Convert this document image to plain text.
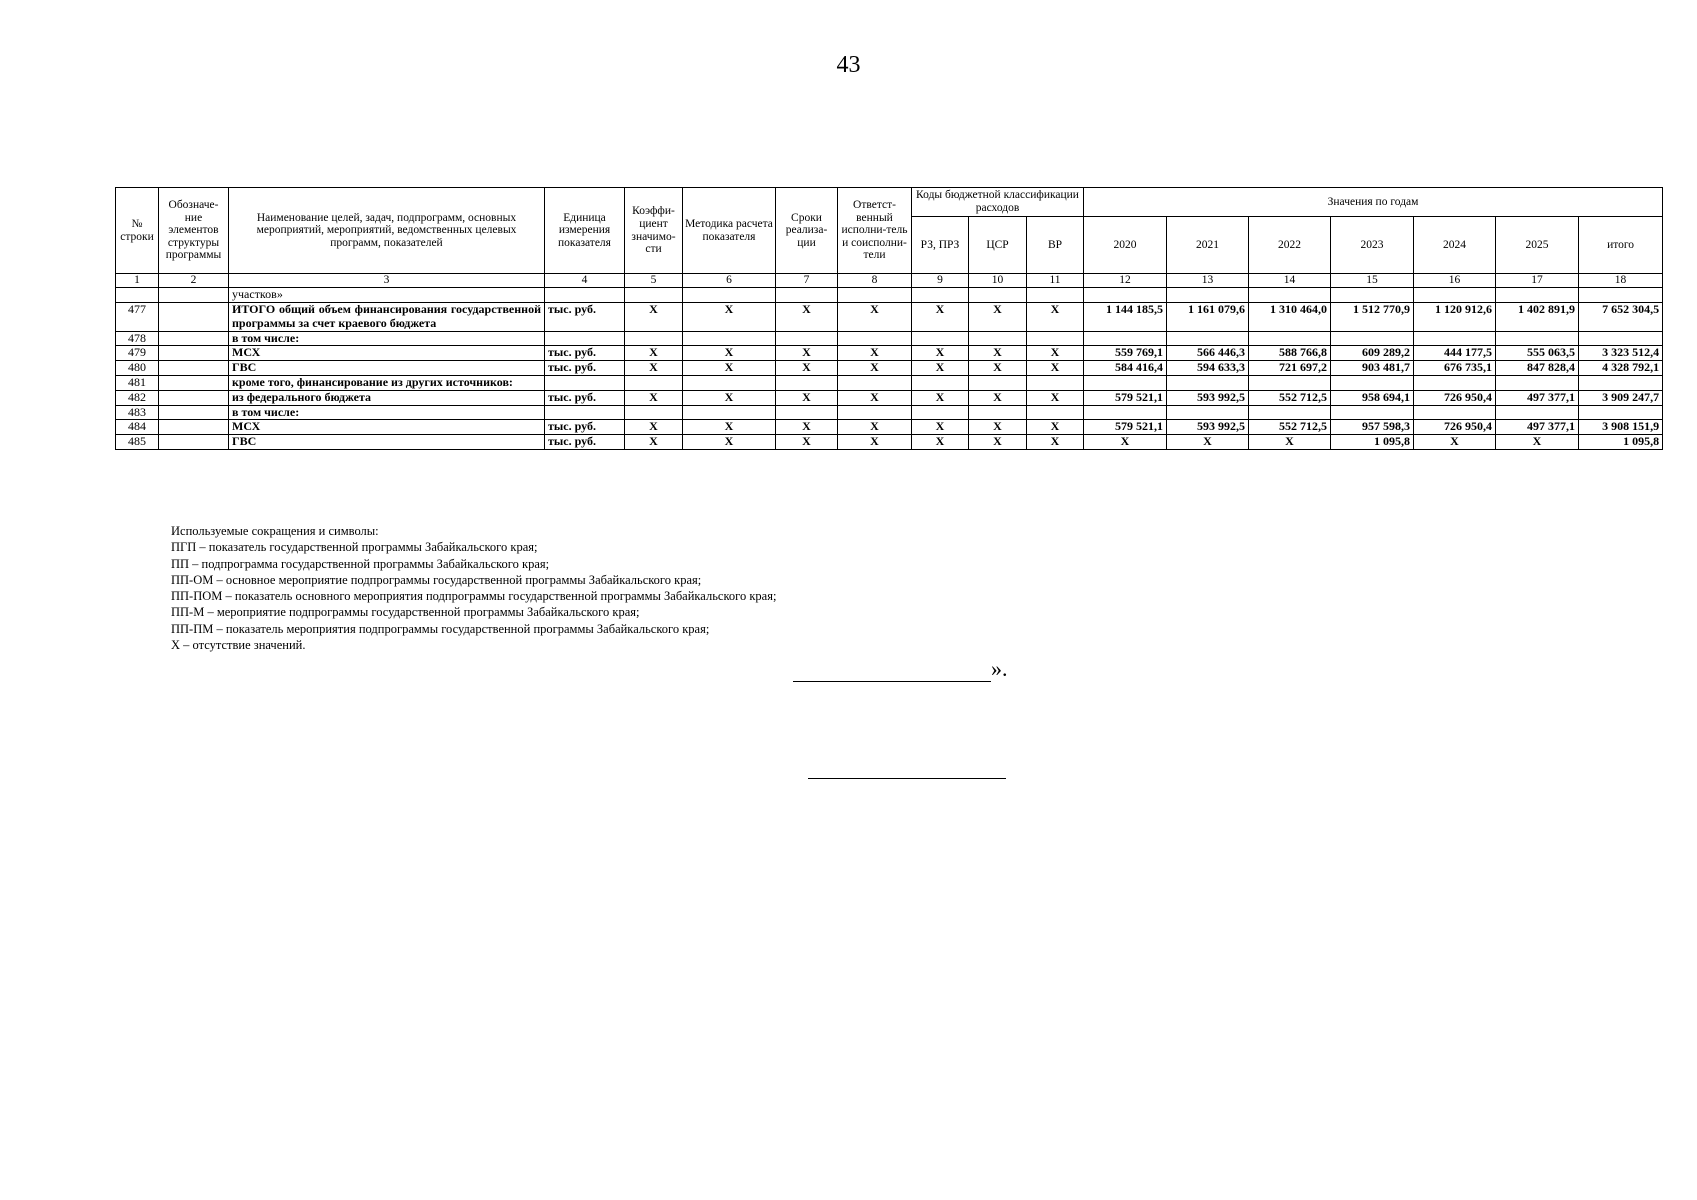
43
№ строки	Обозначе-ние элементов структуры программы	Наименование целей, задач, подпрограмм, основных мероприятий, мероприятий, ведомственных целевых программ, показателей	Единица измерения показателя	Коэффи-циент значимо-сти	Методика расчета показателя	Сроки реализа-ции	Ответст-венный исполни-тель и соисполни-тели	Коды бюджетной классификации расходов			Значения по годам						
								РЗ, ПРЗ	ЦСР	ВР	2020	2021	2022	2023	2024	2025	итого
1	2	3	4	5	6	7	8	9	10	11	12	13	14	15	16	17	18
		участков»															
477		ИТОГО общий объем финансирования государственной программы за счет краевого бюджета	тыс. руб.	X	X	X	X	X	X	X	1 144 185,5	1 161 079,6	1 310 464,0	1 512 770,9	1 120 912,6	1 402 891,9	7 652 304,5
478		в том числе:															
479		МСХ	тыс. руб.	X	X	X	X	X	X	X	559 769,1	566 446,3	588 766,8	609 289,2	444 177,5	555 063,5	3 323 512,4
480		ГВС	тыс. руб.	X	X	X	X	X	X	X	584 416,4	594 633,3	721 697,2	903 481,7	676 735,1	847 828,4	4 328 792,1
481		кроме того, финансирование из других источников:															
482		из федерального бюджета	тыс. руб.	X	X	X	X	X	X	X	579 521,1	593 992,5	552 712,5	958 694,1	726 950,4	497 377,1	3 909 247,7
483		в том числе:															
484		МСХ	тыс. руб.	X	X	X	X	X	X	X	579 521,1	593 992,5	552 712,5	957 598,3	726 950,4	497 377,1	3 908 151,9
485		ГВС	тыс. руб.	X	X	X	X	X	X	X	X	X	X	1 095,8	X	X	1 095,8
Используемые сокращения и символы:
ПГП – показатель государственной программы Забайкальского края;
ПП – подпрограмма государственной программы Забайкальского края;
ПП-ОМ – основное мероприятие подпрограммы государственной программы Забайкальского края;
ПП-ПОМ – показатель основного мероприятия подпрограммы государственной программы Забайкальского края;
ПП-М – мероприятие подпрограммы государственной программы Забайкальского края;
ПП-ПМ – показатель мероприятия подпрограммы государственной программы Забайкальского края;
Х – отсутствие значений.
».
